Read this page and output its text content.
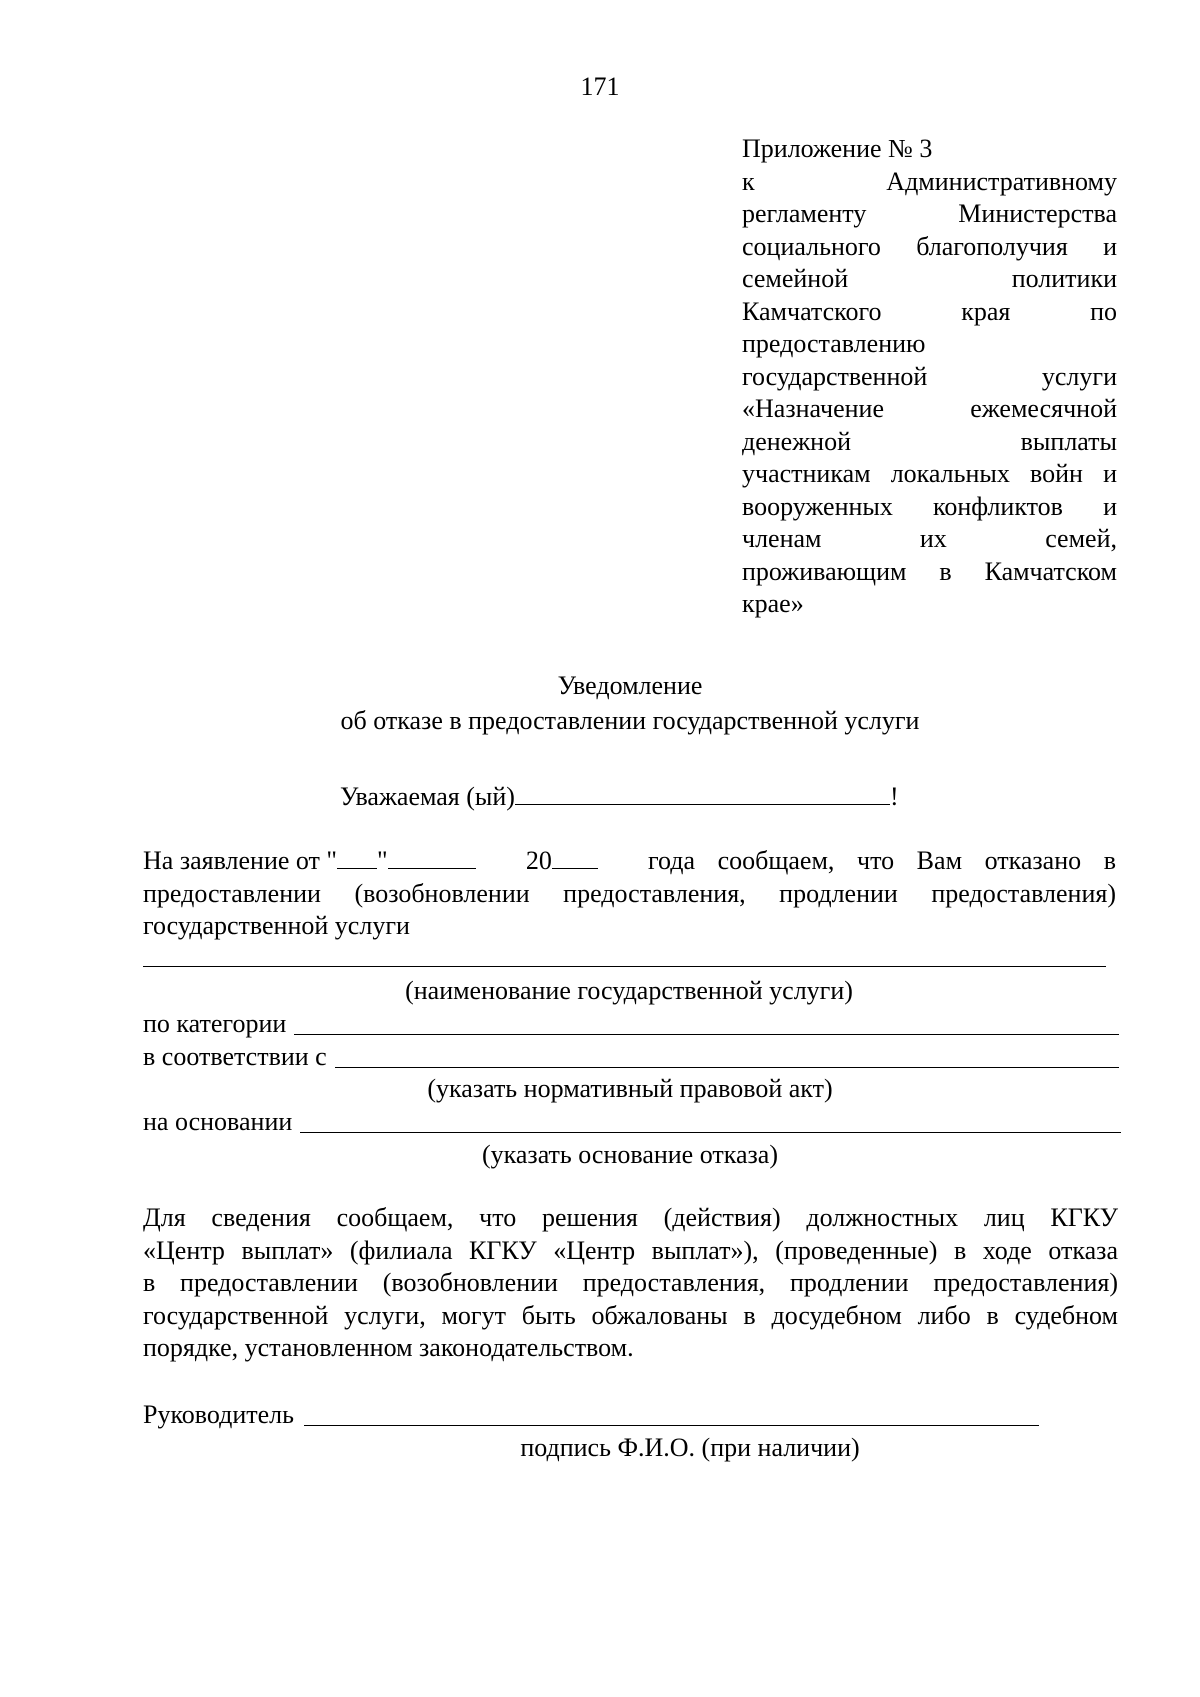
171
Приложение № 3
к Административному
регламенту Министерства
социального благополучия и
семейной политики
Камчатского края по
предоставлению
государственной услуги
«Назначение ежемесячной
денежной выплаты
участникам локальных войн и
вооруженных конфликтов и
членам их семей,
проживающим в Камчатском
крае»
Уведомление
об отказе в предоставлении государственной услуги
Уважаемая (ый)	!
На заявление от " "	20	года сообщаем, что Вам отказано в
предоставлении (возобновлении предоставления, продлении предоставления)
государственной услуги
(наименование государственной услуги)
по категории
в соответствии с
(указать нормативный правовой акт)
на основании
(указать основание отказа)
Для сведения сообщаем, что решения (действия) должностных лиц КГКУ
«Центр выплат» (филиала КГКУ «Центр выплат»), (проведенные) в ходе отказа
в предоставлении (возобновлении предоставления, продлении предоставления)
государственной услуги, могут быть обжалованы в досудебном либо в судебном
порядке, установленном законодательством.
Руководитель
подпись Ф.И.О. (при наличии)
